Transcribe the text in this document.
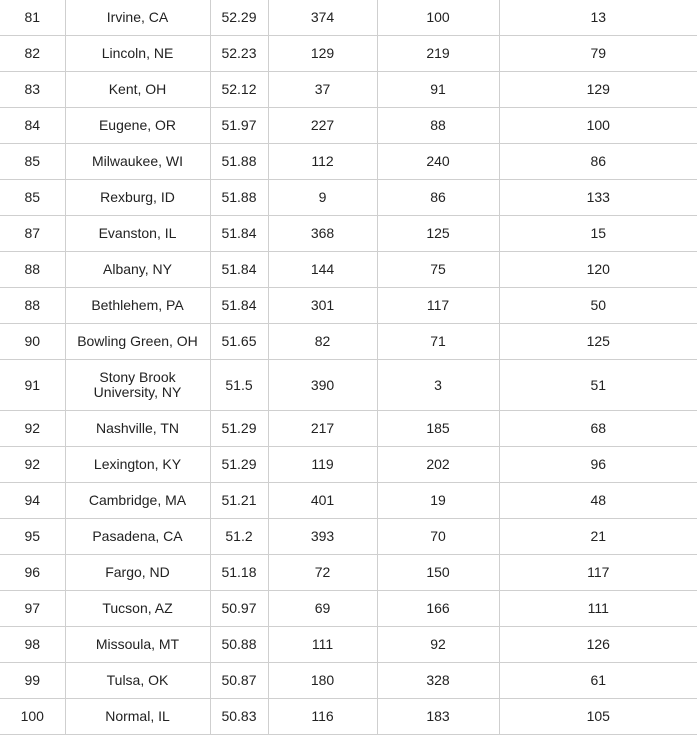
81	Irvine, CA	52.29	374	100	13
82	Lincoln, NE	52.23	129	219	79
83	Kent, OH	52.12	37	91	129
84	Eugene, OR	51.97	227	88	100
85	Milwaukee, WI	51.88	112	240	86
85	Rexburg, ID	51.88	9	86	133
87	Evanston, IL	51.84	368	125	15
88	Albany, NY	51.84	144	75	120
88	Bethlehem, PA	51.84	301	117	50
90	Bowling Green, OH	51.65	82	71	125
91	Stony Brook University, NY	51.5	390	3	51
92	Nashville, TN	51.29	217	185	68
92	Lexington, KY	51.29	119	202	96
94	Cambridge, MA	51.21	401	19	48
95	Pasadena, CA	51.2	393	70	21
96	Fargo, ND	51.18	72	150	117
97	Tucson, AZ	50.97	69	166	111
98	Missoula, MT	50.88	111	92	126
99	Tulsa, OK	50.87	180	328	61
100	Normal, IL	50.83	116	183	105
